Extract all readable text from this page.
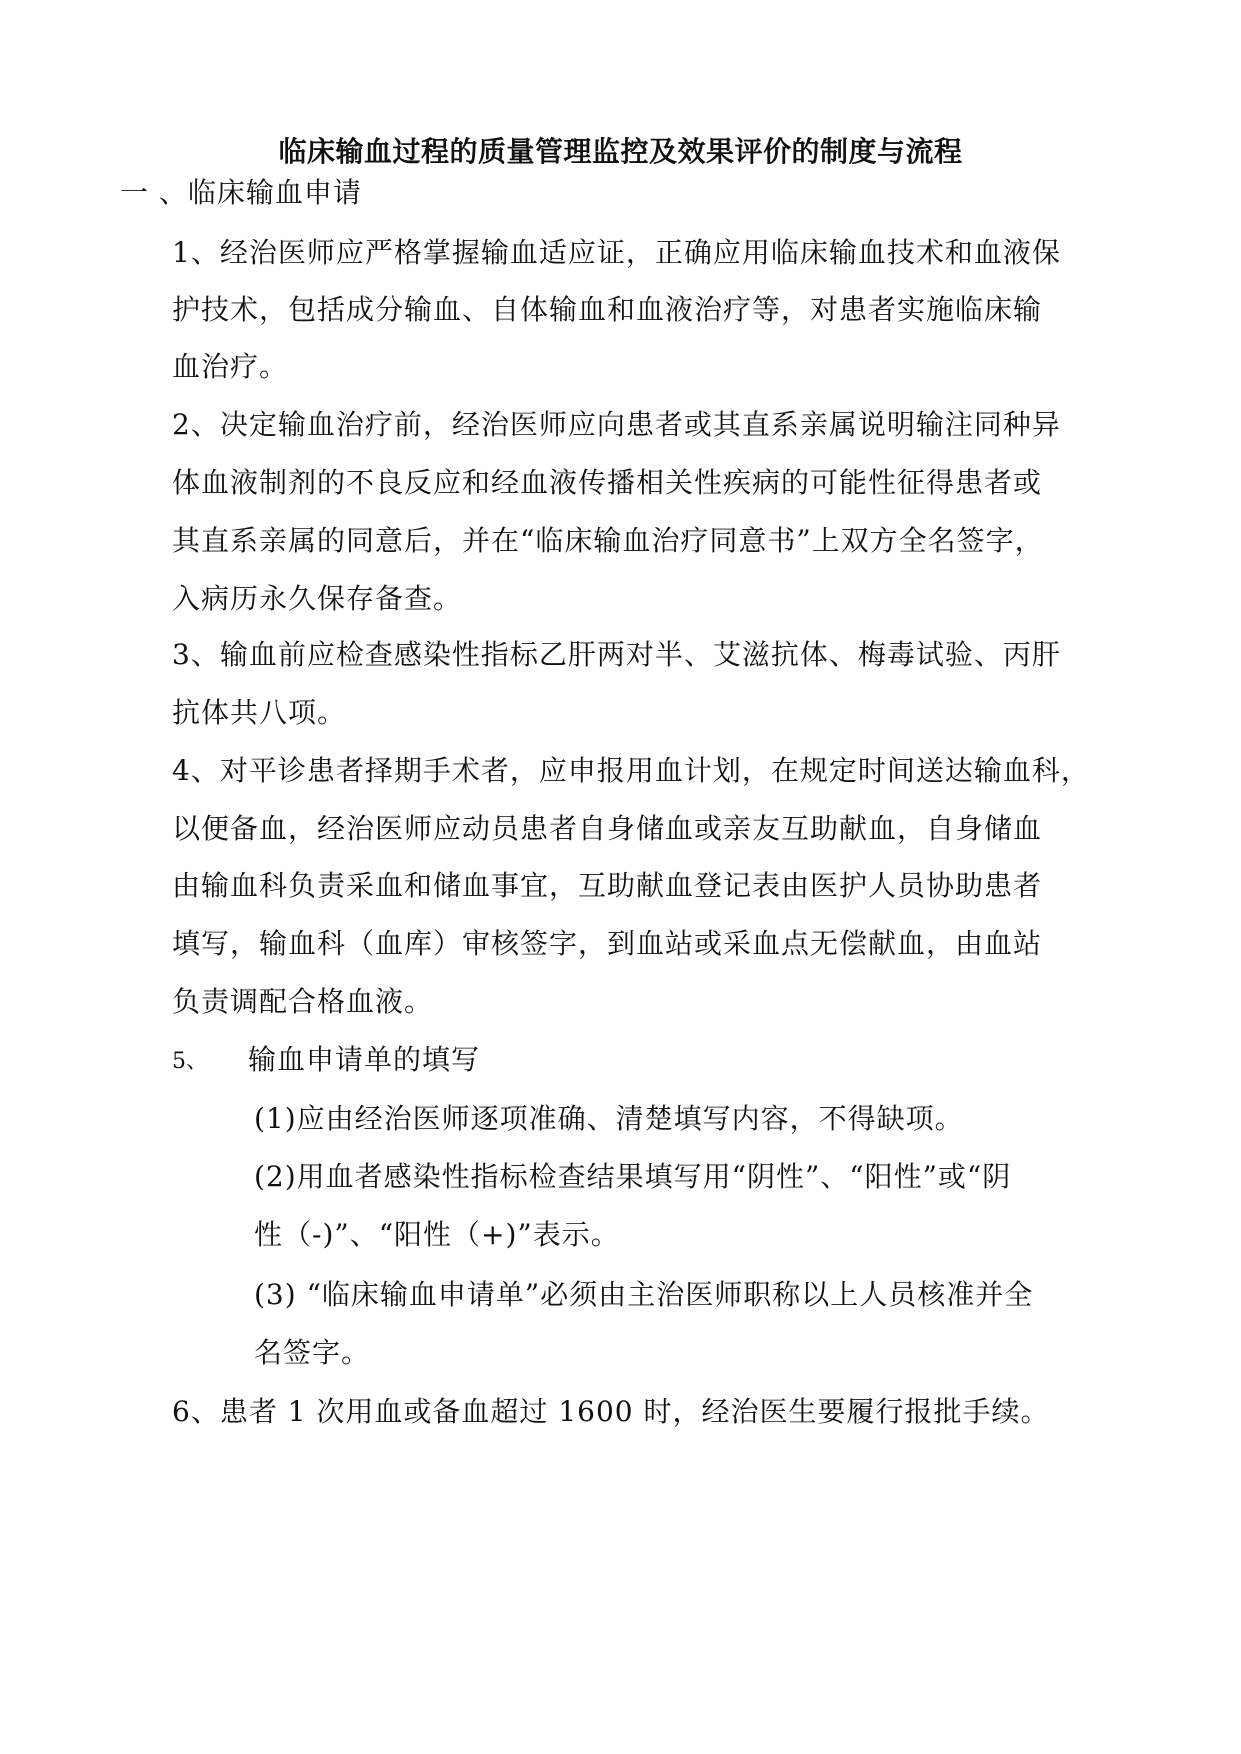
临床输血过程的质量管理监控及效果评价的制度与流程
一 、临床输血申请
1、经治医师应严格掌握输血适应证，正确应用临床输血技术和血液保
护技术，包括成分输血、自体输血和血液治疗等，对患者实施临床输
血治疗。
2、决定输血治疗前，经治医师应向患者或其直系亲属说明输注同种异
体血液制剂的不良反应和经血液传播相关性疾病的可能性征得患者或
其直系亲属的同意后，并在“临床输血治疗同意书”上双方全名签字，
入病历永久保存备查。
3、输血前应检查感染性指标乙肝两对半、艾滋抗体、梅毒试验、丙肝
抗体共八项。
4、对平诊患者择期手术者，应申报用血计划，在规定时间送达输血科，
以便备血，经治医师应动员患者自身储血或亲友互助献血，自身储血
由输血科负责采血和储血事宜，互助献血登记表由医护人员协助患者
填写，输血科（血库）审核签字，到血站或采血点无偿献血，由血站
负责调配合格血液。
5、 输血申请单的填写
(1)应由经治医师逐项准确、清楚填写内容，不得缺项。
(2)用血者感染性指标检查结果填写用“阴性”、“阳性”或“阴
性（-)”、“阳性（+)”表示。
(3) “临床输血申请单”必须由主治医师职称以上人员核准并全
名签字。
6、患者 1 次用血或备血超过 1600 时，经治医生要履行报批手续。
